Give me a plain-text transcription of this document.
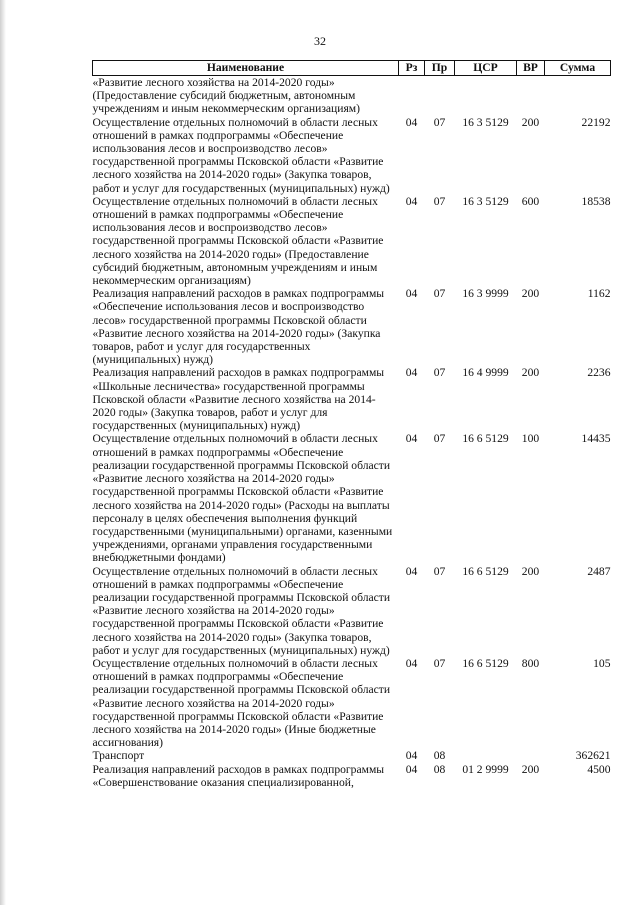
32
Наименование	Рз	Пр	ЦСР	ВР	Сумма
«Развитие лесного хозяйства на 2014-2020 годы» (Предоставление субсидий бюджетным, автономным учреждениям и иным некоммерческим организациям)					
Осуществление отдельных полномочий в области лесных отношений в рамках подпрограммы «Обеспечение использования лесов и воспроизводство лесов» государственной программы Псковской области «Развитие лесного хозяйства на 2014-2020 годы» (Закупка товаров, работ и услуг для государственных (муниципальных) нужд)	04	07	16 3 5129	200	22192
Осуществление отдельных полномочий в области лесных отношений в рамках подпрограммы «Обеспечение использования лесов и воспроизводство лесов» государственной программы Псковской области «Развитие лесного хозяйства на 2014-2020 годы» (Предоставление субсидий бюджетным, автономным учреждениям и иным некоммерческим организациям)	04	07	16 3 5129	600	18538
Реализация направлений расходов в рамках подпрограммы «Обеспечение использования лесов и воспроизводство лесов» государственной программы Псковской области «Развитие лесного хозяйства на 2014-2020 годы» (Закупка товаров, работ и услуг для государственных (муниципальных) нужд)	04	07	16 3 9999	200	1162
Реализация направлений расходов в рамках подпрограммы «Школьные лесничества» государственной программы Псковской области «Развитие лесного хозяйства на 2014-2020 годы» (Закупка товаров, работ и услуг для государственных (муниципальных) нужд)	04	07	16 4 9999	200	2236
Осуществление отдельных полномочий в области лесных отношений в рамках подпрограммы «Обеспечение реализации государственной программы Псковской области «Развитие лесного хозяйства на 2014-2020 годы» государственной программы Псковской области «Развитие лесного хозяйства на 2014-2020 годы» (Расходы на выплаты персоналу в целях обеспечения выполнения функций государственными (муниципальными) органами, казенными учреждениями, органами управления государственными внебюджетными фондами)	04	07	16 6 5129	100	14435
Осуществление отдельных полномочий в области лесных отношений в рамках подпрограммы «Обеспечение реализации государственной программы Псковской области «Развитие лесного хозяйства на 2014-2020 годы» государственной программы Псковской области «Развитие лесного хозяйства на 2014-2020 годы» (Закупка товаров, работ и услуг для государственных (муниципальных) нужд)	04	07	16 6 5129	200	2487
Осуществление отдельных полномочий в области лесных отношений в рамках подпрограммы «Обеспечение реализации государственной программы Псковской области «Развитие лесного хозяйства на 2014-2020 годы» государственной программы Псковской области «Развитие лесного хозяйства на 2014-2020 годы» (Иные бюджетные ассигнования)	04	07	16 6 5129	800	105
Транспорт	04	08			362621
Реализация направлений расходов в рамках подпрограммы «Совершенствование оказания специализированной,	04	08	01 2 9999	200	4500
